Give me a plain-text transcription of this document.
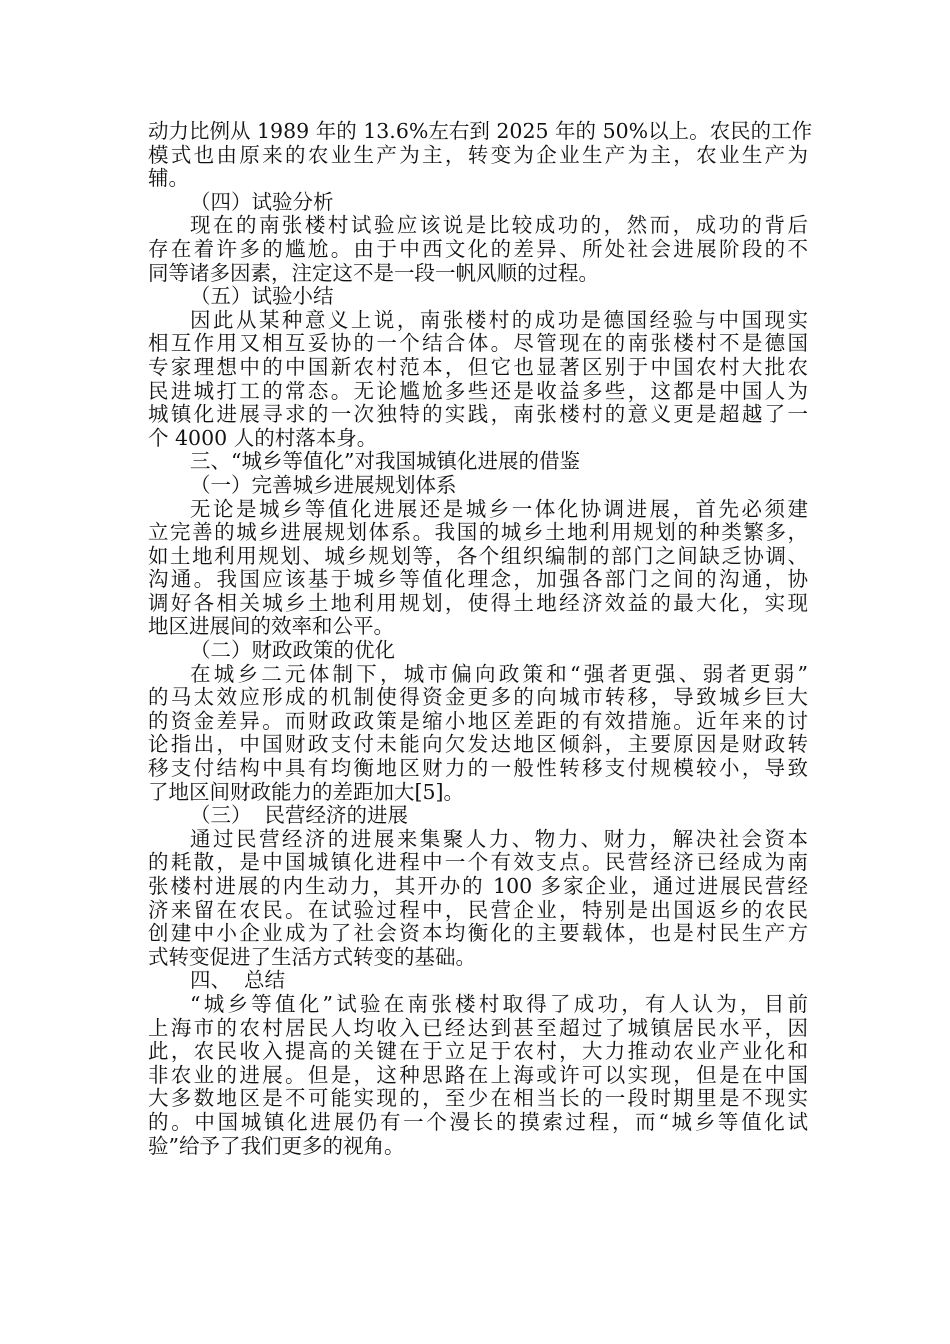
动力比例从 1989 年的 13.6%左右到 2025 年的 50%以上。农民的工作
模式也由原来的农业生产为主，转变为企业生产为主，农业生产为
辅。
（四）试验分析
现在的南张楼村试验应该说是比较成功的，然而，成功的背后
存在着许多的尴尬。由于中西文化的差异、所处社会进展阶段的不
同等诸多因素，注定这不是一段一帆风顺的过程。
（五）试验小结
因此从某种意义上说，南张楼村的成功是德国经验与中国现实
相互作用又相互妥协的一个结合体。尽管现在的南张楼村不是德国
专家理想中的中国新农村范本，但它也显著区别于中国农村大批农
民进城打工的常态。无论尴尬多些还是收益多些，这都是中国人为
城镇化进展寻求的一次独特的实践，南张楼村的意义更是超越了一
个 4000 人的村落本身。
三、“城乡等值化”对我国城镇化进展的借鉴
（一）完善城乡进展规划体系
无论是城乡等值化进展还是城乡一体化协调进展，首先必须建
立完善的城乡进展规划体系。我国的城乡土地利用规划的种类繁多，
如土地利用规划、城乡规划等，各个组织编制的部门之间缺乏协调、
沟通。我国应该基于城乡等值化理念，加强各部门之间的沟通，协
调好各相关城乡土地利用规划，使得土地经济效益的最大化，实现
地区进展间的效率和公平。
（二）财政政策的优化
在城乡二元体制下，城市偏向政策和“强者更强、弱者更弱”
的马太效应形成的机制使得资金更多的向城市转移，导致城乡巨大
的资金差异。而财政政策是缩小地区差距的有效措施。近年来的讨
论指出，中国财政支付未能向欠发达地区倾斜，主要原因是财政转
移支付结构中具有均衡地区财力的一般性转移支付规模较小，导致
了地区间财政能力的差距加大[5]。
（三）  民营经济的进展
通过民营经济的进展来集聚人力、物力、财力，解决社会资本
的耗散，是中国城镇化进程中一个有效支点。民营经济已经成为南
张楼村进展的内生动力，其开办的 100 多家企业，通过进展民营经
济来留在农民。在试验过程中，民营企业，特别是出国返乡的农民
创建中小企业成为了社会资本均衡化的主要载体，也是村民生产方
式转变促进了生活方式转变的基础。
四、  总结
“城乡等值化”试验在南张楼村取得了成功，有人认为，目前
上海市的农村居民人均收入已经达到甚至超过了城镇居民水平，因
此，农民收入提高的关键在于立足于农村，大力推动农业产业化和
非农业的进展。但是，这种思路在上海或许可以实现，但是在中国
大多数地区是不可能实现的，至少在相当长的一段时期里是不现实
的。中国城镇化进展仍有一个漫长的摸索过程，而“城乡等值化试
验”给予了我们更多的视角。
